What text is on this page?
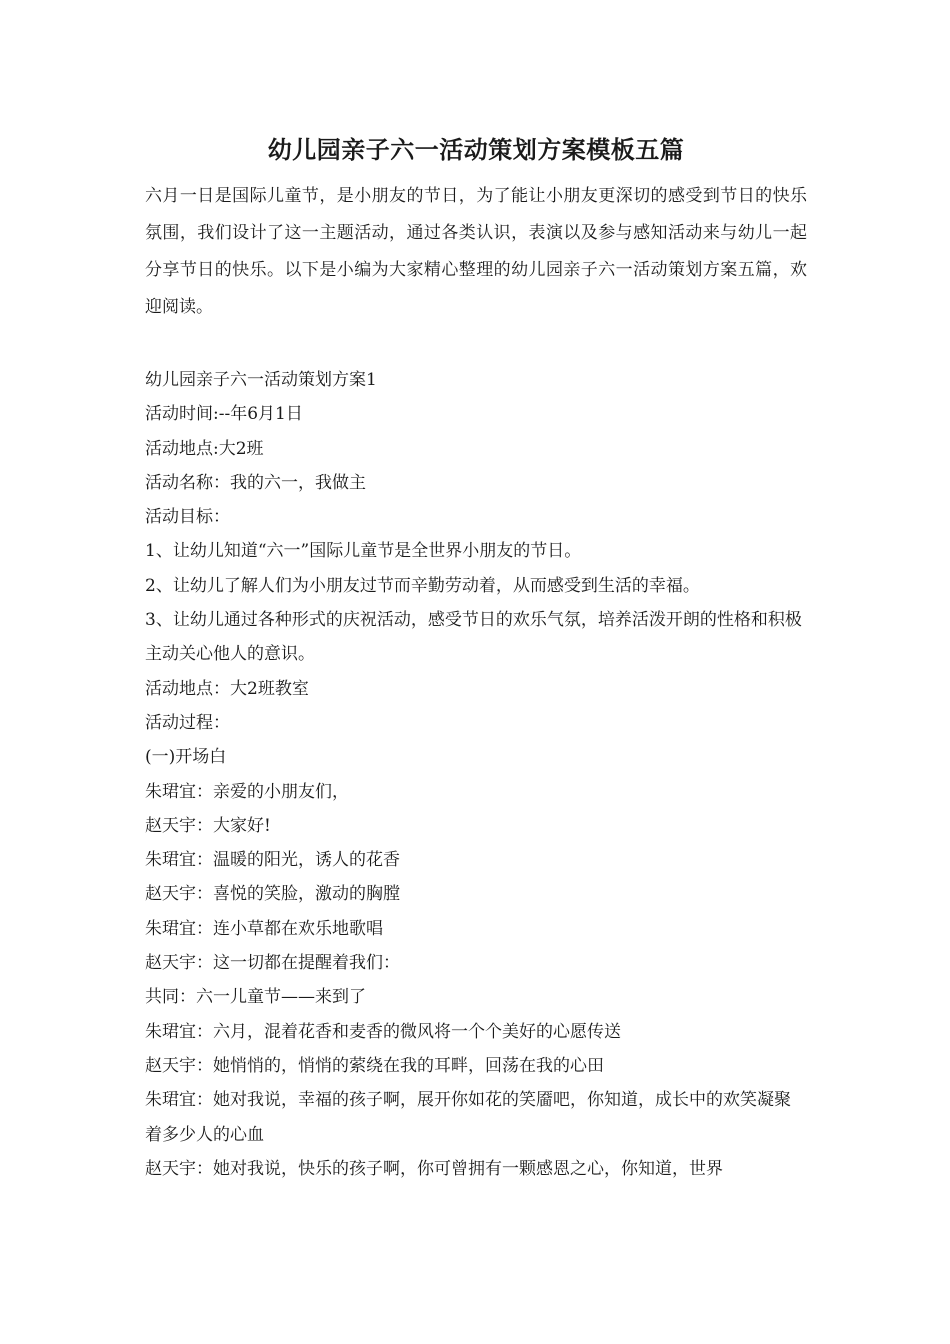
幼儿园亲子六一活动策划方案模板五篇

六月一日是国际儿童节，是小朋友的节日，为了能让小朋友更深切的感受到节日的快乐氛围，我们设计了这一主题活动，通过各类认识，表演以及参与感知活动来与幼儿一起分享节日的快乐。以下是小编为大家精心整理的幼儿园亲子六一活动策划方案五篇，欢迎阅读。

幼儿园亲子六一活动策划方案1

活动时间:--年6月1日

活动地点:大2班

活动名称：我的六一，我做主

活动目标：

1、让幼儿知道“六一”国际儿童节是全世界小朋友的节日。

2、让幼儿了解人们为小朋友过节而辛勤劳动着，从而感受到生活的幸福。

3、让幼儿通过各种形式的庆祝活动，感受节日的欢乐气氛，培养活泼开朗的性格和积极主动关心他人的意识。

活动地点：大2班教室

活动过程：

(一)开场白

朱珺宜：亲爱的小朋友们，

赵天宇：大家好!

朱珺宜：温暖的阳光，诱人的花香

赵天宇：喜悦的笑脸，激动的胸膛

朱珺宜：连小草都在欢乐地歌唱

赵天宇：这一切都在提醒着我们：

共同：六一儿童节——来到了

朱珺宜：六月，混着花香和麦香的微风将一个个美好的心愿传送

赵天宇：她悄悄的，悄悄的萦绕在我的耳畔，回荡在我的心田

朱珺宜：她对我说，幸福的孩子啊，展开你如花的笑靥吧，你知道，成长中的欢笑凝聚着多少人的心血

赵天宇：她对我说，快乐的孩子啊，你可曾拥有一颗感恩之心，你知道，世界
